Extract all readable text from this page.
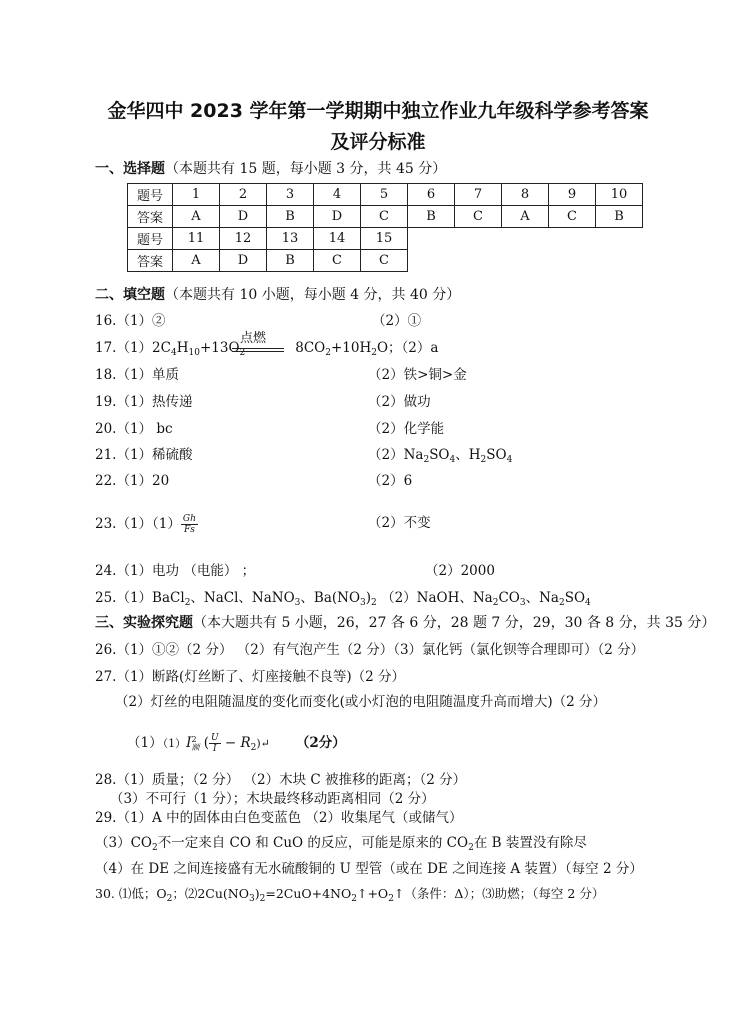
金华四中 2023 学年第一学期期中独立作业九年级科学参考答案
及评分标准
一、选择题（本题共有 15 题，每小题 3 分，共 45 分）
题号	1	2	3	4	5	6	7	8	9	10
答案	A	D	B	D	C	B	C	A	C	B
题号	11	12	13	14	15					
答案	A	D	B	C	C					
二、填空题（本题共有 10 小题，每小题 4 分，共 40 分）
16.（1）②	（2）①
$17.(1)2C_4H_{10}+13O_2$	$8CO_2+10H_2O$；（2）a
点燃
18.（1）单质	（2）铁>铜>金
19.（1）热传递	（2）做功
20.（1） bc	（2）化学能
21.（1）稀硫酸	$(2)Na_2SO_4$、$H_2SO_4$
22.（1）20	（2）6
$23.(1)(1) \frac{Gh}{Fs}$	（2）不变
24.（1）电功 （电能） ；	（2）2000
25.（1）BaCl$_2$、NaCl、NaNO$_3$、$Ba(NO_3)_2$ （2）NaOH、$Na_2CO_3$、$Na_2SO_4$
三、实验探究题（本大题共有 5 小题，26，27 各 6 分，28 题 7 分，29，30 各 8 分，共 35 分）
26.（1）①②（2 分） （2）有气泡产生（2 分）（3）氯化钙（氯化钡等合理即可）（2 分）
27.（1）断路(灯丝断了、灯座接触不良等)（2 分）
（2）灯丝的电阻随温度的变化而变化(或小灯泡的电阻随温度升高而增大)（2 分）
（1）（1）I 2
额 ( $\frac{U}{I}$ − $R_2)↵$ （2分）
28.（1）质量；（2 分） （2）木块 C 被推移的距离；（2 分）
（3）不可行（1 分）；木块最终移动距离相同（2 分）
29.（1）A 中的固体由白色变蓝色 （2）收集尾气（或储气）
$(3)CO_2$不一定来自 CO 和 CuO 的反应，可能是原来的 $CO_2$在 B 装置没有除尽
（4）在 DE 之间连接盛有无水硫酸铜的 U 型管（或在 DE 之间连接 A 装置）（每空 2 分）
30. ⑴低；$O_2$；$⑵2Cu(NO_3)_2=2CuO+4NO_2↑+O_2↑$（条件：Δ）；⑶助燃；（每空 2 分）
